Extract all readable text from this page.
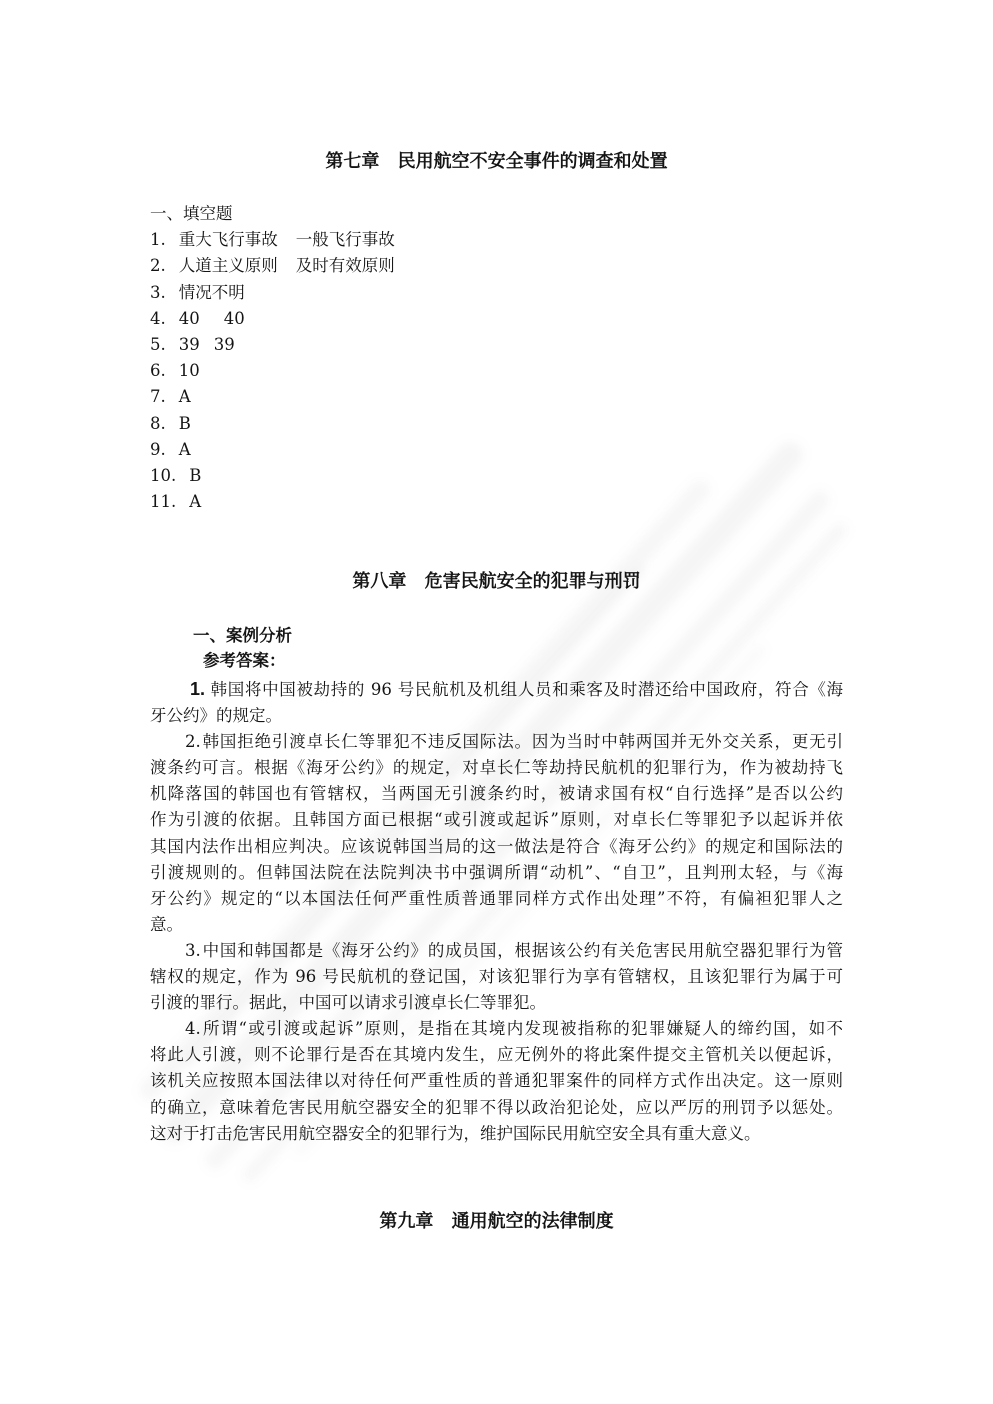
第七章 民用航空不安全事件的调查和处置
一、填空题
1. 重大飞行事故 一般飞行事故
2. 人道主义原则 及时有效原则
3. 情况不明
4. 40 40
5. 39 39
6. 10
7. A
8. B
9. A
10. B
11. A
第八章 危害民航安全的犯罪与刑罚
一、案例分析
参考答案：
1. 韩国将中国被劫持的 96 号民航机及机组人员和乘客及时潜还给中国政府，符合《海
牙公约》的规定。
2.韩国拒绝引渡卓长仁等罪犯不违反国际法。因为当时中韩两国并无外交关系，更无引
渡条约可言。根据《海牙公约》的规定，对卓长仁等劫持民航机的犯罪行为，作为被劫持飞
机降落国的韩国也有管辖权，当两国无引渡条约时，被请求国有权“自行选择”是否以公约
作为引渡的依据。且韩国方面已根据“或引渡或起诉”原则，对卓长仁等罪犯予以起诉并依
其国内法作出相应判决。应该说韩国当局的这一做法是符合《海牙公约》的规定和国际法的
引渡规则的。但韩国法院在法院判决书中强调所谓“动机”、“自卫”，且判刑太轻，与《海
牙公约》规定的“以本国法任何严重性质普通罪同样方式作出处理”不符，有偏袒犯罪人之
意。
3.中国和韩国都是《海牙公约》的成员国，根据该公约有关危害民用航空器犯罪行为管
辖权的规定，作为 96 号民航机的登记国，对该犯罪行为享有管辖权，且该犯罪行为属于可
引渡的罪行。据此，中国可以请求引渡卓长仁等罪犯。
4.所谓“或引渡或起诉”原则，是指在其境内发现被指称的犯罪嫌疑人的缔约国，如不
将此人引渡，则不论罪行是否在其境内发生，应无例外的将此案件提交主管机关以便起诉，
该机关应按照本国法律以对待任何严重性质的普通犯罪案件的同样方式作出决定。这一原则
的确立，意味着危害民用航空器安全的犯罪不得以政治犯论处，应以严厉的刑罚予以惩处。
这对于打击危害民用航空器安全的犯罪行为，维护国际民用航空安全具有重大意义。
第九章 通用航空的法律制度
